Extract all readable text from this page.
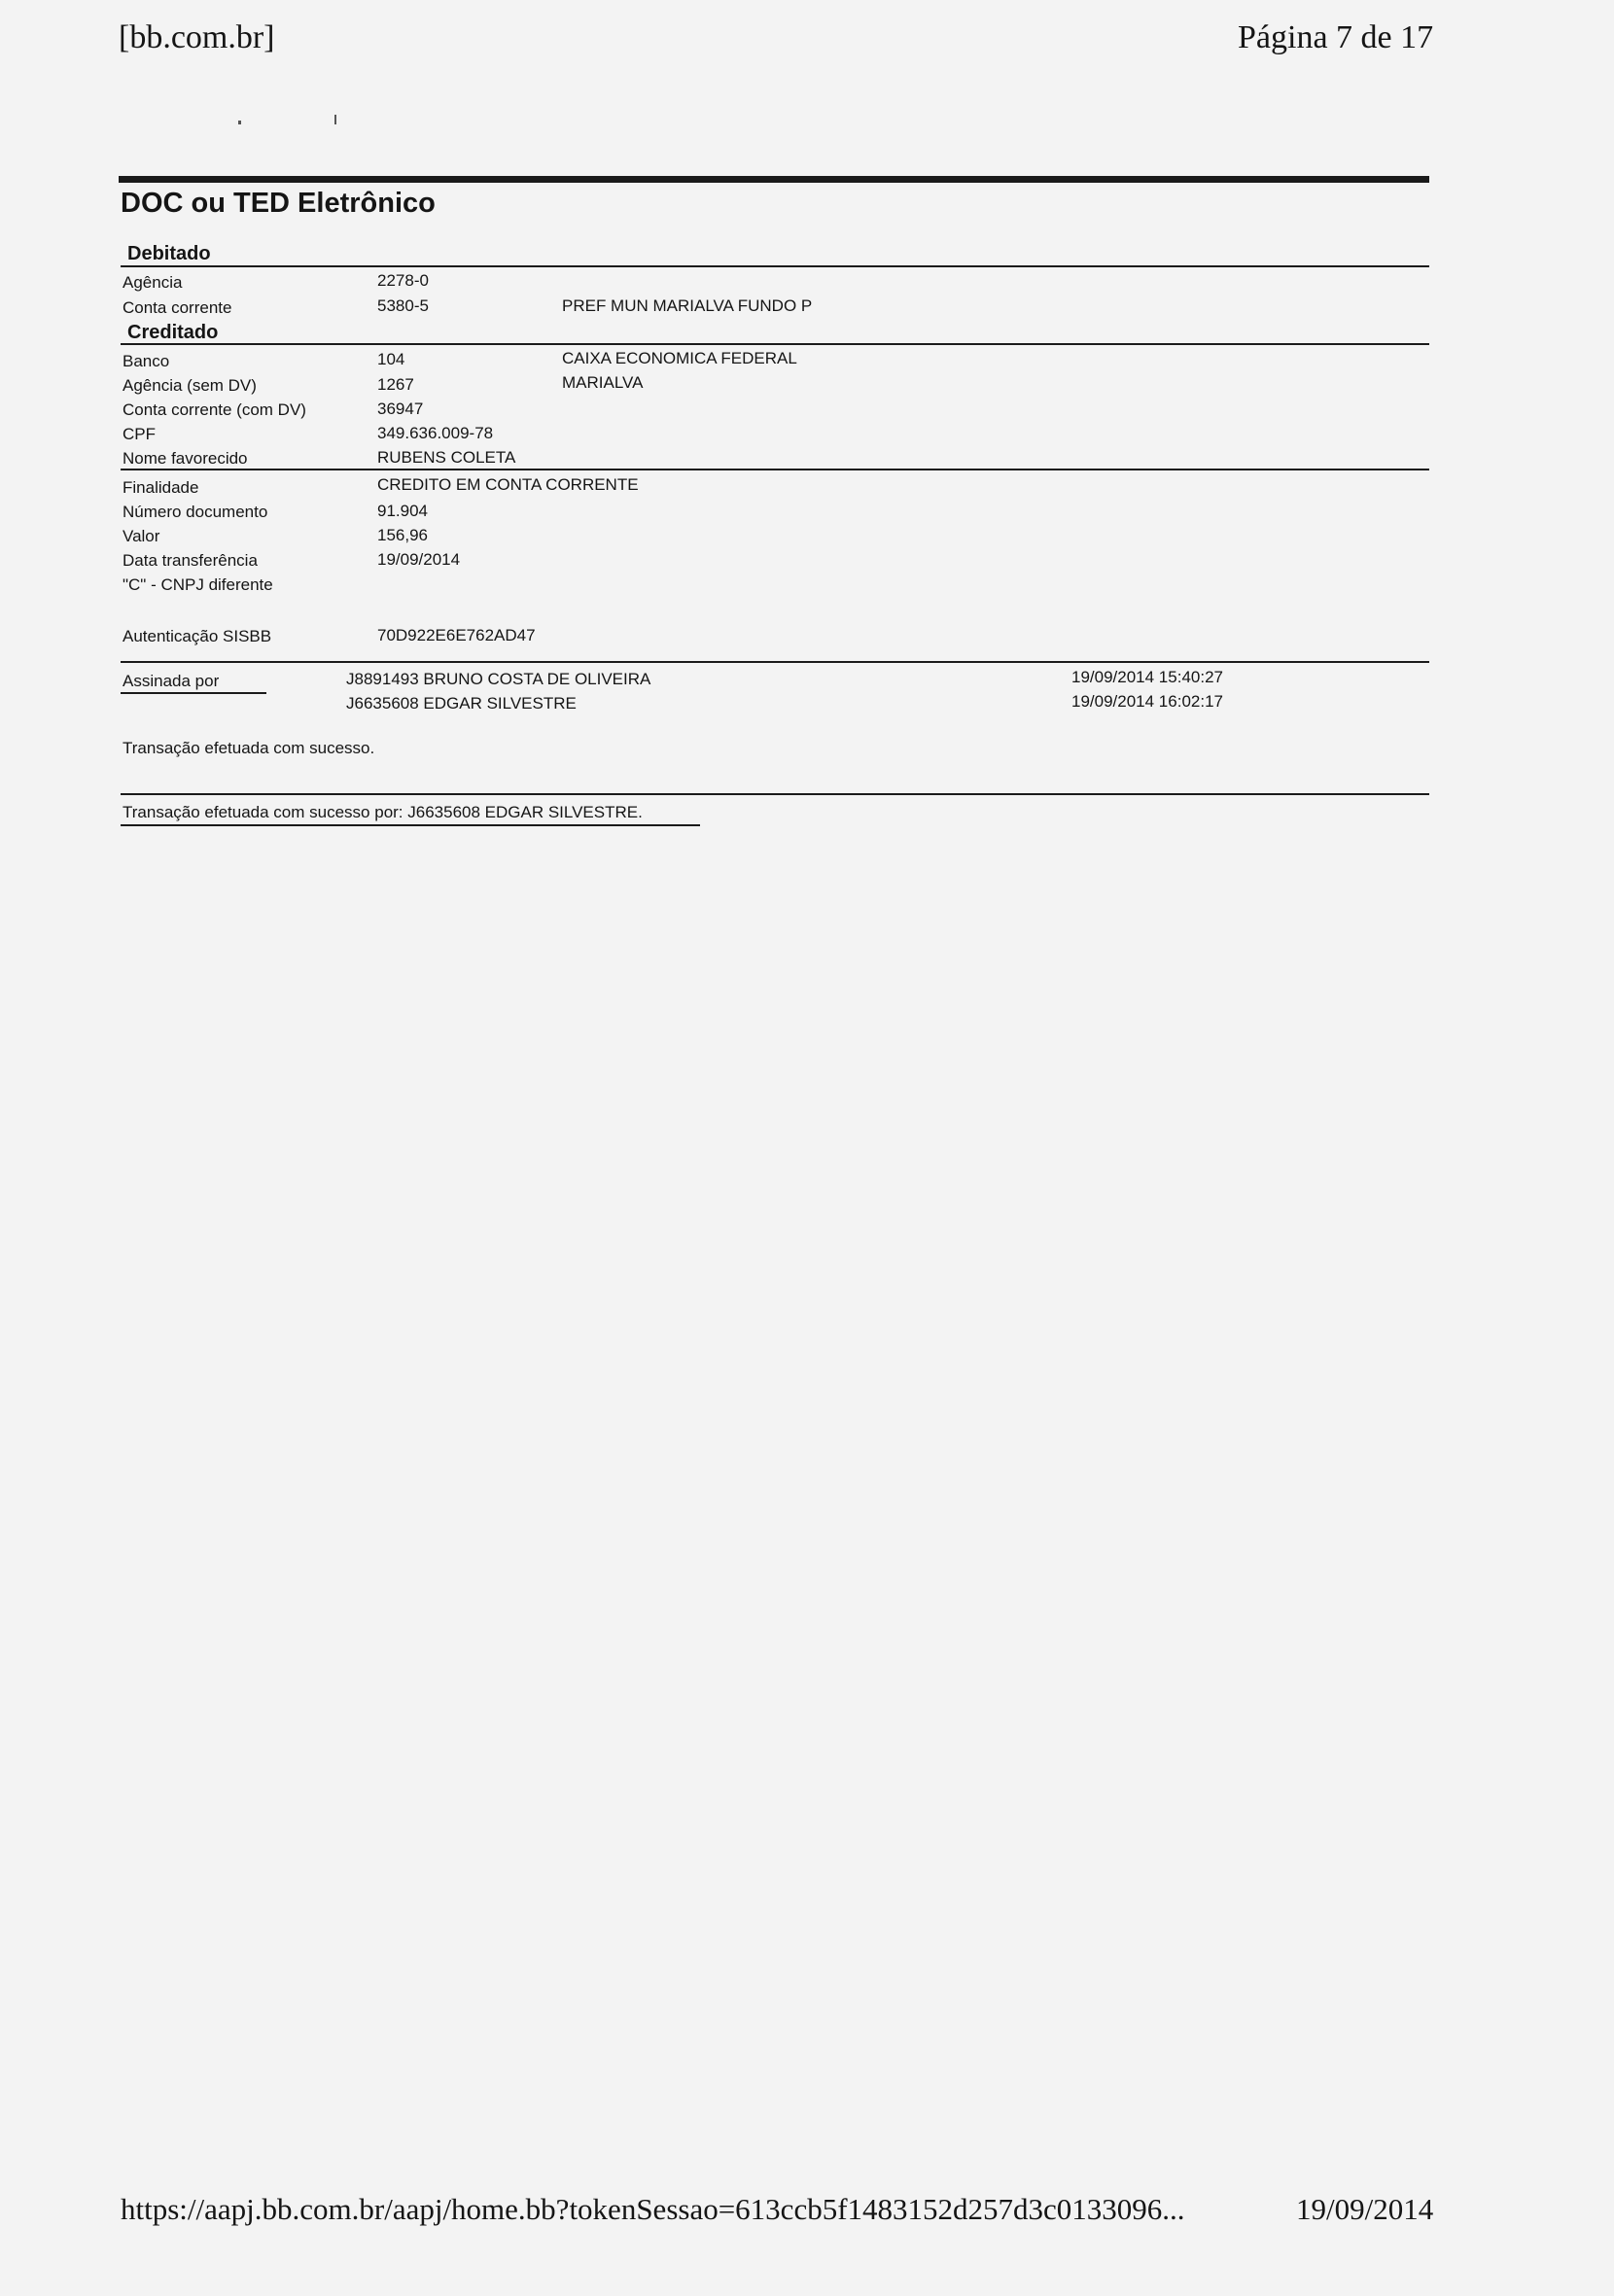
[bb.com.br]	Página 7 de 17
DOC ou TED Eletrônico
Debitado
Agência	2278-0
Conta corrente	5380-5	PREF MUN MARIALVA FUNDO P
Creditado
Banco	104	CAIXA ECONOMICA FEDERAL
Agência (sem DV)	1267	MARIALVA
Conta corrente (com DV)	36947
CPF	349.636.009-78
Nome favorecido	RUBENS COLETA
Finalidade	CREDITO EM CONTA CORRENTE
Número documento	91.904
Valor	156,96
Data transferência	19/09/2014
"C" - CNPJ diferente
Autenticação SISBB	70D922E6E762AD47
Assinada por	J8891493 BRUNO COSTA DE OLIVEIRA	19/09/2014 15:40:27
J6635608 EDGAR SILVESTRE	19/09/2014 16:02:17
Transação efetuada com sucesso.
Transação efetuada com sucesso por: J6635608 EDGAR SILVESTRE.
https://aapj.bb.com.br/aapj/home.bb?tokenSessao=613ccb5f1483152d257d3c0133096...	19/09/2014
